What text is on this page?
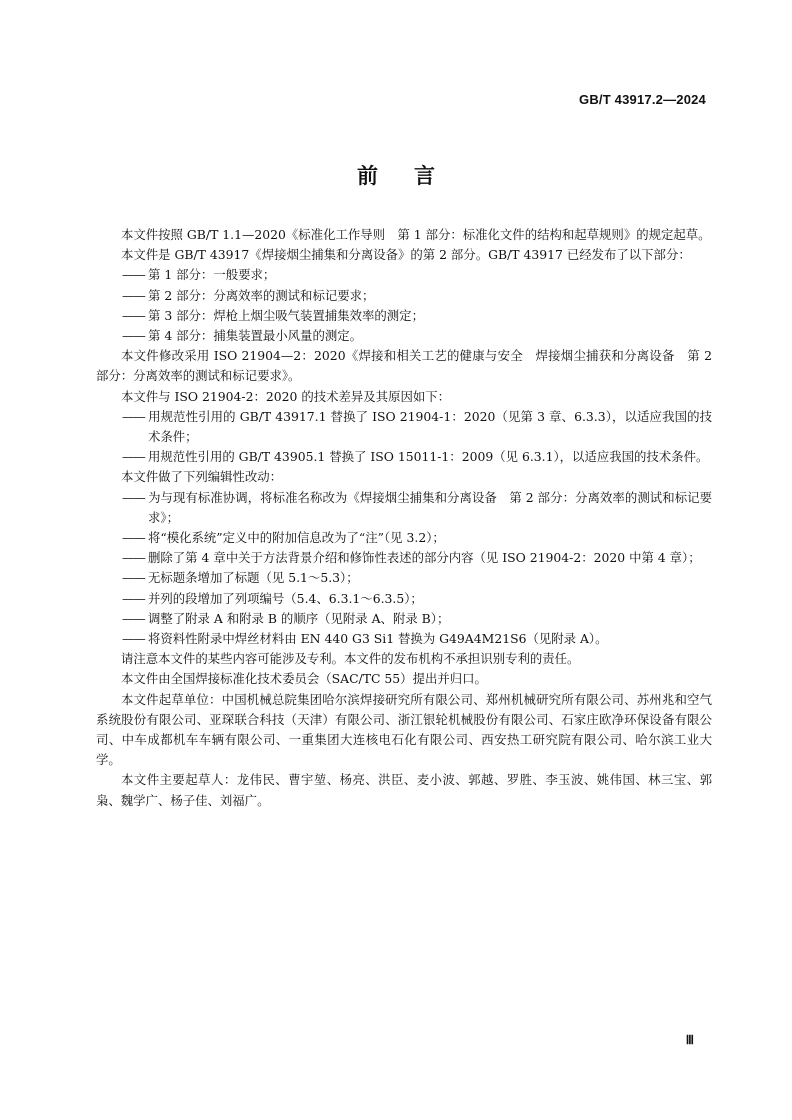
GB/T 43917.2—2024
前 言

本文件按照 GB/T 1.1—2020《标准化工作导则　第 1 部分：标准化文件的结构和起草规则》的规定起草。

本文件是 GB/T 43917《焊接烟尘捕集和分离设备》的第 2 部分。GB/T 43917 已经发布了以下部分：

—— 第 1 部分：一般要求；

—— 第 2 部分：分离效率的测试和标记要求；

—— 第 3 部分：焊枪上烟尘吸气装置捕集效率的测定；

—— 第 4 部分：捕集装置最小风量的测定。

本文件修改采用 ISO 21904—2：2020《焊接和相关工艺的健康与安全　焊接烟尘捕获和分离设备　第 2 部分：分离效率的测试和标记要求》。

本文件与 ISO 21904-2：2020 的技术差异及其原因如下：

—— 用规范性引用的 GB/T 43917.1 替换了 ISO 21904-1：2020（见第 3 章、6.3.3），以适应我国的技术条件；

—— 用规范性引用的 GB/T 43905.1 替换了 ISO 15011-1：2009（见 6.3.1），以适应我国的技术条件。

本文件做了下列编辑性改动：

—— 为与现有标准协调，将标准名称改为《焊接烟尘捕集和分离设备　第 2 部分：分离效率的测试和标记要求》；

—— 将“模化系统”定义中的附加信息改为了“注”（见 3.2）；

—— 删除了第 4 章中关于方法背景介绍和修饰性表述的部分内容（见 ISO 21904-2：2020 中第 4 章）；

—— 无标题条增加了标题（见 5.1～5.3）；

—— 并列的段增加了列项编号（5.4、6.3.1～6.3.5）；

—— 调整了附录 A 和附录 B 的顺序（见附录 A、附录 B）；

—— 将资料性附录中焊丝材料由 EN 440 G3 Si1 替换为 G49A4M21S6（见附录 A）。

请注意本文件的某些内容可能涉及专利。本文件的发布机构不承担识别专利的责任。

本文件由全国焊接标准化技术委员会（SAC/TC 55）提出并归口。

本文件起草单位：中国机械总院集团哈尔滨焊接研究所有限公司、郑州机械研究所有限公司、苏州兆和空气系统股份有限公司、亚琛联合科技（天津）有限公司、浙江银轮机械股份有限公司、石家庄欧净环保设备有限公司、中车成都机车车辆有限公司、一重集团大连核电石化有限公司、西安热工研究院有限公司、哈尔滨工业大学。

本文件主要起草人：龙伟民、曹宇堃、杨亮、洪臣、麦小波、郭越、罗胜、李玉波、姚伟国、林三宝、郭枭、魏学广、杨子佳、刘福广。

Ⅲ
